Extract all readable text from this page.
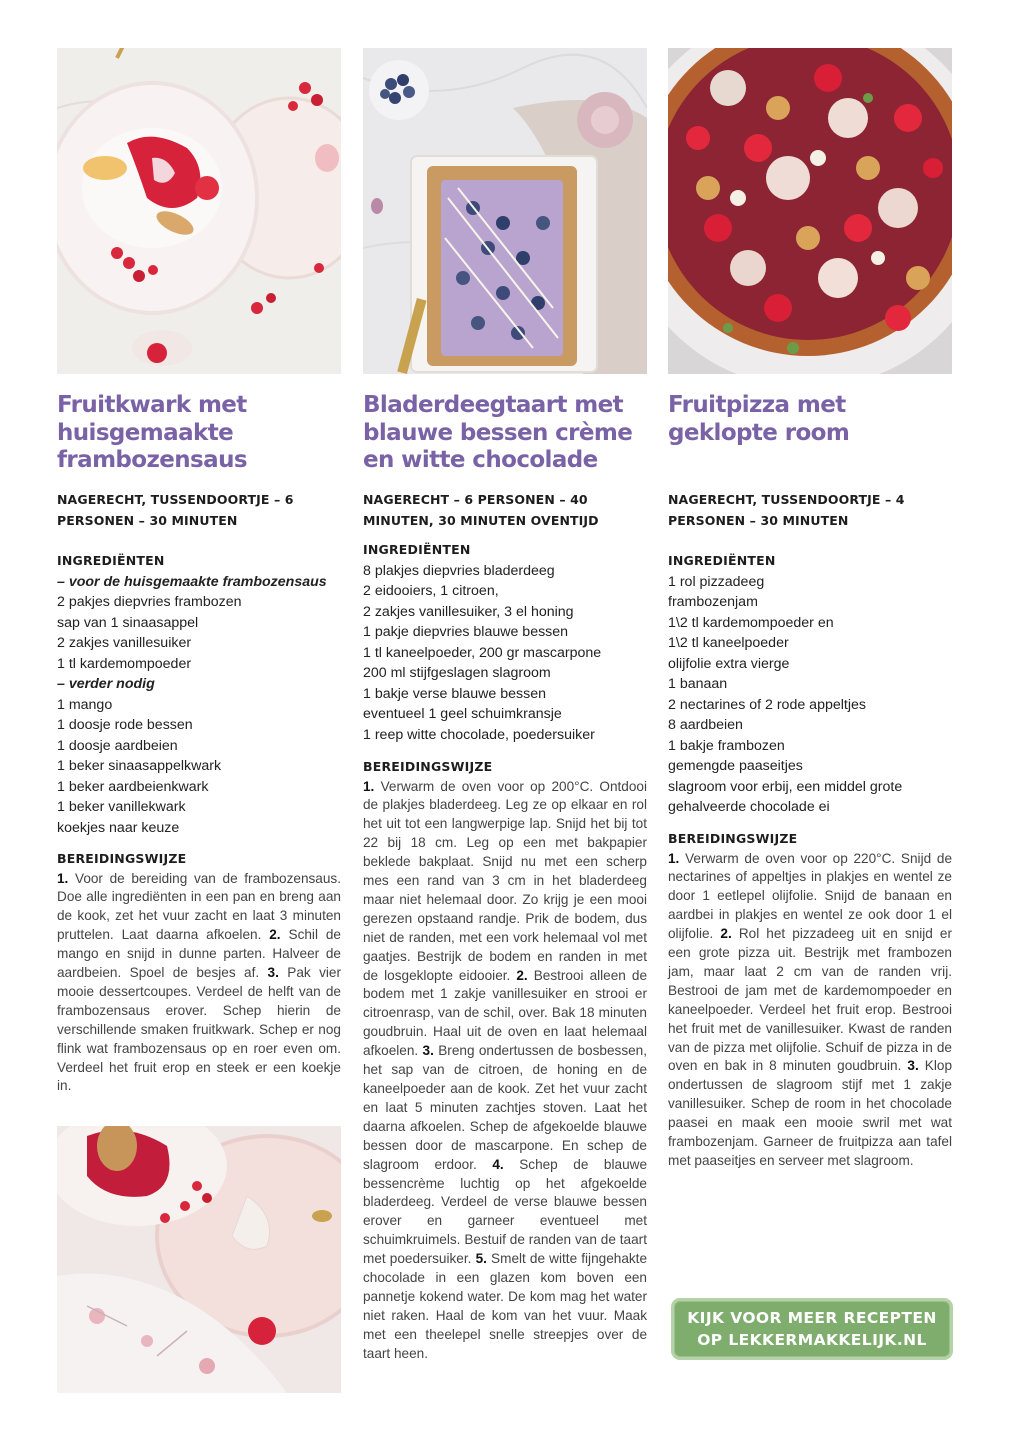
Fruitkwark met huisgemaakte frambozensaus
NAGERECHT, TUSSENDOORTJE – 6 PERSONEN – 30 MINUTEN
INGREDIËNTEN
– voor de huisgemaakte frambozensaus
2 pakjes diepvries frambozen
sap van 1 sinaasappel
2 zakjes vanillesuiker
1 tl kardemompoeder
– verder nodig
1 mango
1 doosje rode bessen
1 doosje aardbeien
1 beker sinaasappelkwark
1 beker aardbeienkwark
1 beker vanillekwark
koekjes naar keuze
BEREIDINGSWIJZE

1. Voor de bereiding van de frambozensaus. Doe alle ingrediënten in een pan en breng aan de kook, zet het vuur zacht en laat 3 minuten pruttelen. Laat daarna afkoelen. 2. Schil de mango en snijd in dunne parten. Halveer de aardbeien. Spoel de besjes af. 3. Pak vier mooie dessertcoupes. Verdeel de helft van de frambozensaus erover. Schep hierin de verschillende smaken fruitkwark. Schep er nog flink wat frambozensaus op en roer even om. Verdeel het fruit erop en steek er een koekje in.

Bladerdeegtaart met blauwe bessen crème en witte chocolade
NAGERECHT – 6 PERSONEN – 40 MINUTEN, 30 MINUTEN OVENTIJD
INGREDIËNTEN
8 plakjes diepvries bladerdeeg
2 eidooiers, 1 citroen,
2 zakjes vanillesuiker, 3 el honing
1 pakje diepvries blauwe bessen
1 tl kaneelpoeder, 200 gr mascarpone
200 ml stijfgeslagen slagroom
1 bakje verse blauwe bessen
eventueel 1 geel schuimkransje
1 reep witte chocolade, poedersuiker
BEREIDINGSWIJZE

1. Verwarm de oven voor op 200°C. Ontdooi de plakjes bladerdeeg. Leg ze op elkaar en rol het uit tot een langwerpige lap. Snijd het bij tot 22 bij 18 cm. Leg op een met bakpapier beklede bakplaat. Snijd nu met een scherp mes een rand van 3 cm in het bladerdeeg maar niet helemaal door. Zo krijg je een mooi gerezen opstaand randje. Prik de bodem, dus niet de randen, met een vork helemaal vol met gaatjes. Bestrijk de bodem en randen in met de losgeklopte eidooier. 2. Bestrooi alleen de bodem met 1 zakje vanillesuiker en strooi er citroenrasp, van de schil, over. Bak 18 minuten goudbruin. Haal uit de oven en laat helemaal afkoelen. 3. Breng ondertussen de bosbessen, het sap van de citroen, de honing en de kaneelpoeder aan de kook. Zet het vuur zacht en laat 5 minuten zachtjes stoven. Laat het daarna afkoelen. Schep de afgekoelde blauwe bessen door de mascarpone. En schep de slagroom erdoor. 4. Schep de blauwe bessencrème luchtig op het afgekoelde bladerdeeg. Verdeel de verse blauwe bessen erover en garneer eventueel met schuimkruimels. Bestuif de randen van de taart met poedersuiker. 5. Smelt de witte fijngehakte chocolade in een glazen kom boven een pannetje kokend water. De kom mag het water niet raken. Haal de kom van het vuur. Maak met een theelepel snelle streepjes over de taart heen.

Fruitpizza met geklopte room
NAGERECHT, TUSSENDOORTJE – 4 PERSONEN – 30 MINUTEN
INGREDIËNTEN
1 rol pizzadeeg
frambozenjam
1\2 tl kardemompoeder en
1\2 tl kaneelpoeder
olijfolie extra vierge
1 banaan
2 nectarines of 2 rode appeltjes
8 aardbeien
1 bakje frambozen
gemengde paaseitjes
slagroom voor erbij, een middel grote
gehalveerde chocolade ei
BEREIDINGSWIJZE

1. Verwarm de oven voor op 220°C. Snijd de nectarines of appeltjes in plakjes en wentel ze door 1 eetlepel olijfolie. Snijd de banaan en aardbei in plakjes en wentel ze ook door 1 el olijfolie. 2. Rol het pizzadeeg uit en snijd er een grote pizza uit. Bestrijk met frambozen jam, maar laat 2 cm van de randen vrij. Bestrooi de jam met de kardemompoeder en kaneelpoeder. Verdeel het fruit erop. Bestrooi het fruit met de vanillesuiker. Kwast de randen van de pizza met olijfolie. Schuif de pizza in de oven en bak in 8 minuten goudbruin. 3. Klop ondertussen de slagroom stijf met 1 zakje vanillesuiker. Schep de room in het chocolade paasei en maak een mooie swril met wat frambozenjam. Garneer de fruitpizza aan tafel met paaseitjes en serveer met slagroom.

KIJK VOOR MEER RECEPTEN
OP LEKKERMAKKELIJK.NL
